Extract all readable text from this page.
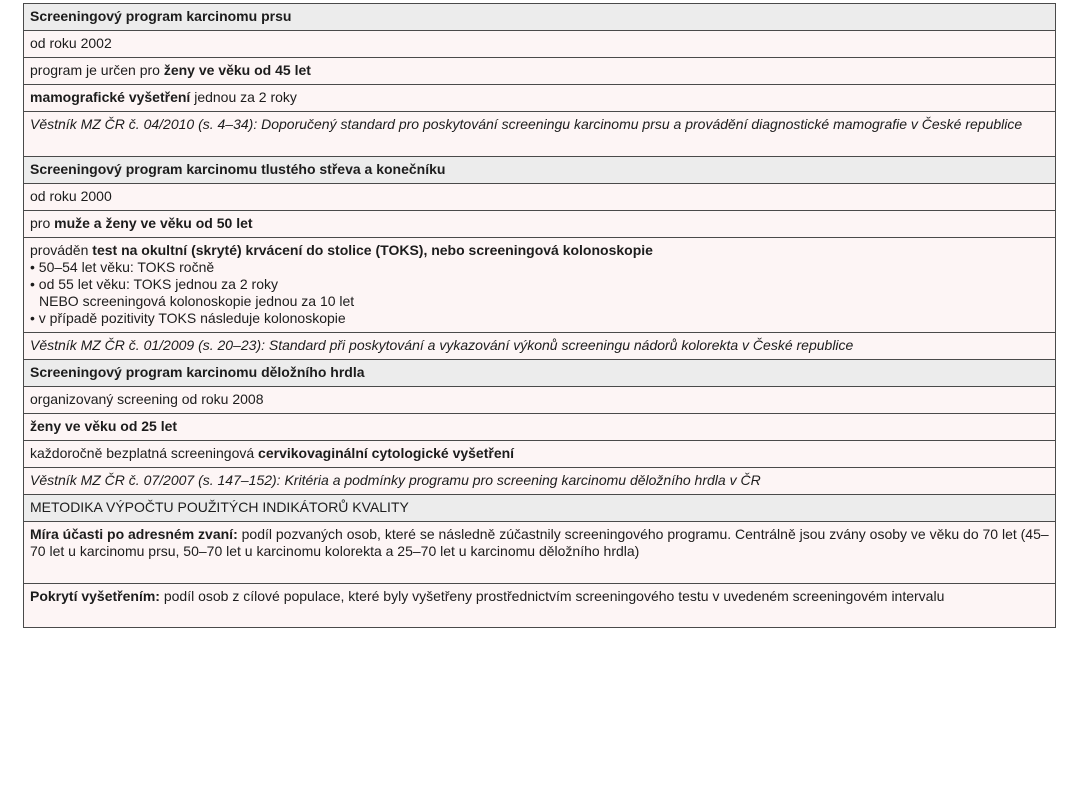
Screeningový program karcinomu prsu

od roku 2002

program je určen pro ženy ve věku od 45 let

mamografické vyšetření jednou za 2 roky

Věstník MZ ČR č. 04/2010 (s. 4–34): Doporučený standard pro poskytování screeningu karcinomu prsu a provádění diagnostické mamografie v České republice

Screeningový program karcinomu tlustého střeva a konečníku

od roku 2000

pro muže a ženy ve věku od 50 let

prováděn test na okultní (skryté) krvácení do stolice (TOKS), nebo screeningová kolonoskopie

• 50–54 let věku: TOKS ročně

• od 55 let věku: TOKS jednou za 2 roky

NEBO screeningová kolonoskopie jednou za 10 let

• v případě pozitivity TOKS následuje kolonoskopie

Věstník MZ ČR č. 01/2009 (s. 20–23): Standard při poskytování a vykazování výkonů screeningu nádorů kolorekta v České republice

Screeningový program karcinomu děložního hrdla

organizovaný screening od roku 2008

ženy ve věku od 25 let

každoročně bezplatná screeningová cervikovaginální cytologické vyšetření

Věstník MZ ČR č. 07/2007 (s. 147–152): Kritéria a podmínky programu pro screening karcinomu děložního hrdla v ČR

METODIKA VÝPOČTU POUŽITÝCH INDIKÁTORŮ KVALITY

Míra účasti po adresném zvaní: podíl pozvaných osob, které se následně zúčastnily screeningového programu. Centrálně jsou zvány osoby ve věku do 70 let (45–70 let u karcinomu prsu, 50–70 let u karcinomu kolorekta a 25–70 let u karcinomu děložního hrdla)

Pokrytí vyšetřením: podíl osob z cílové populace, které byly vyšetřeny prostřednictvím screeningového testu v uvedeném screeningovém intervalu
